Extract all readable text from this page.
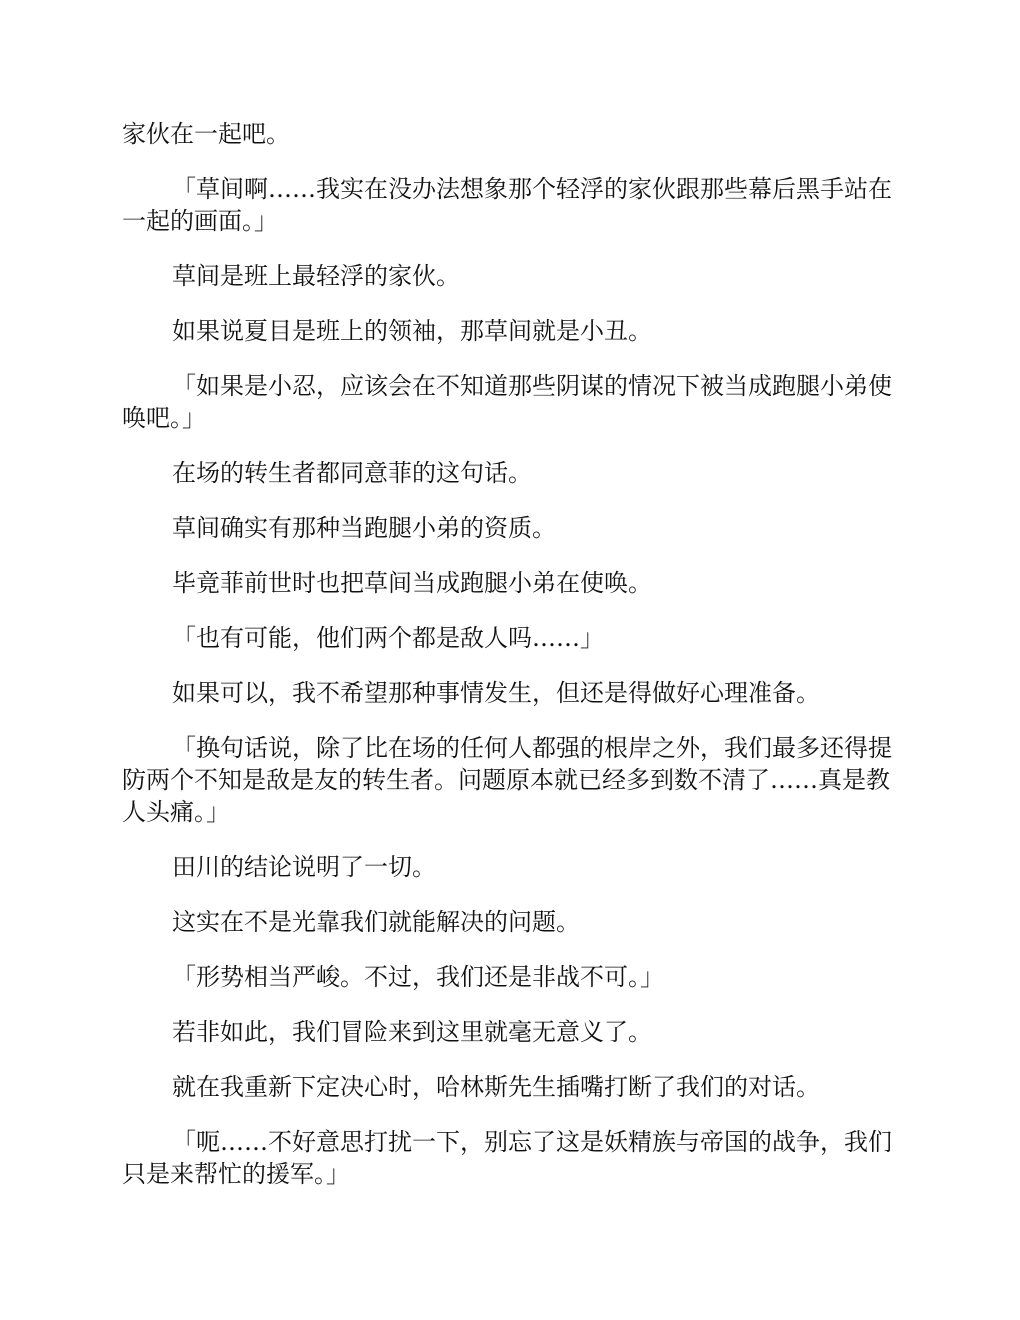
家伙在一起吧。

「草间啊……我实在没办法想象那个轻浮的家伙跟那些幕后黑手站在一起的画面。」

草间是班上最轻浮的家伙。

如果说夏目是班上的领袖，那草间就是小丑。

「如果是小忍，应该会在不知道那些阴谋的情况下被当成跑腿小弟使唤吧。」

在场的转生者都同意菲的这句话。

草间确实有那种当跑腿小弟的资质。

毕竟菲前世时也把草间当成跑腿小弟在使唤。

「也有可能，他们两个都是敌人吗……」

如果可以，我不希望那种事情发生，但还是得做好心理准备。

「换句话说，除了比在场的任何人都强的根岸之外，我们最多还得提防两个不知是敌是友的转生者。问题原本就已经多到数不清了……真是教人头痛。」

田川的结论说明了一切。

这实在不是光靠我们就能解决的问题。

「形势相当严峻。不过，我们还是非战不可。」

若非如此，我们冒险来到这里就毫无意义了。

就在我重新下定决心时，哈林斯先生插嘴打断了我们的对话。

「呃……不好意思打扰一下，别忘了这是妖精族与帝国的战争，我们只是来帮忙的援军。」
